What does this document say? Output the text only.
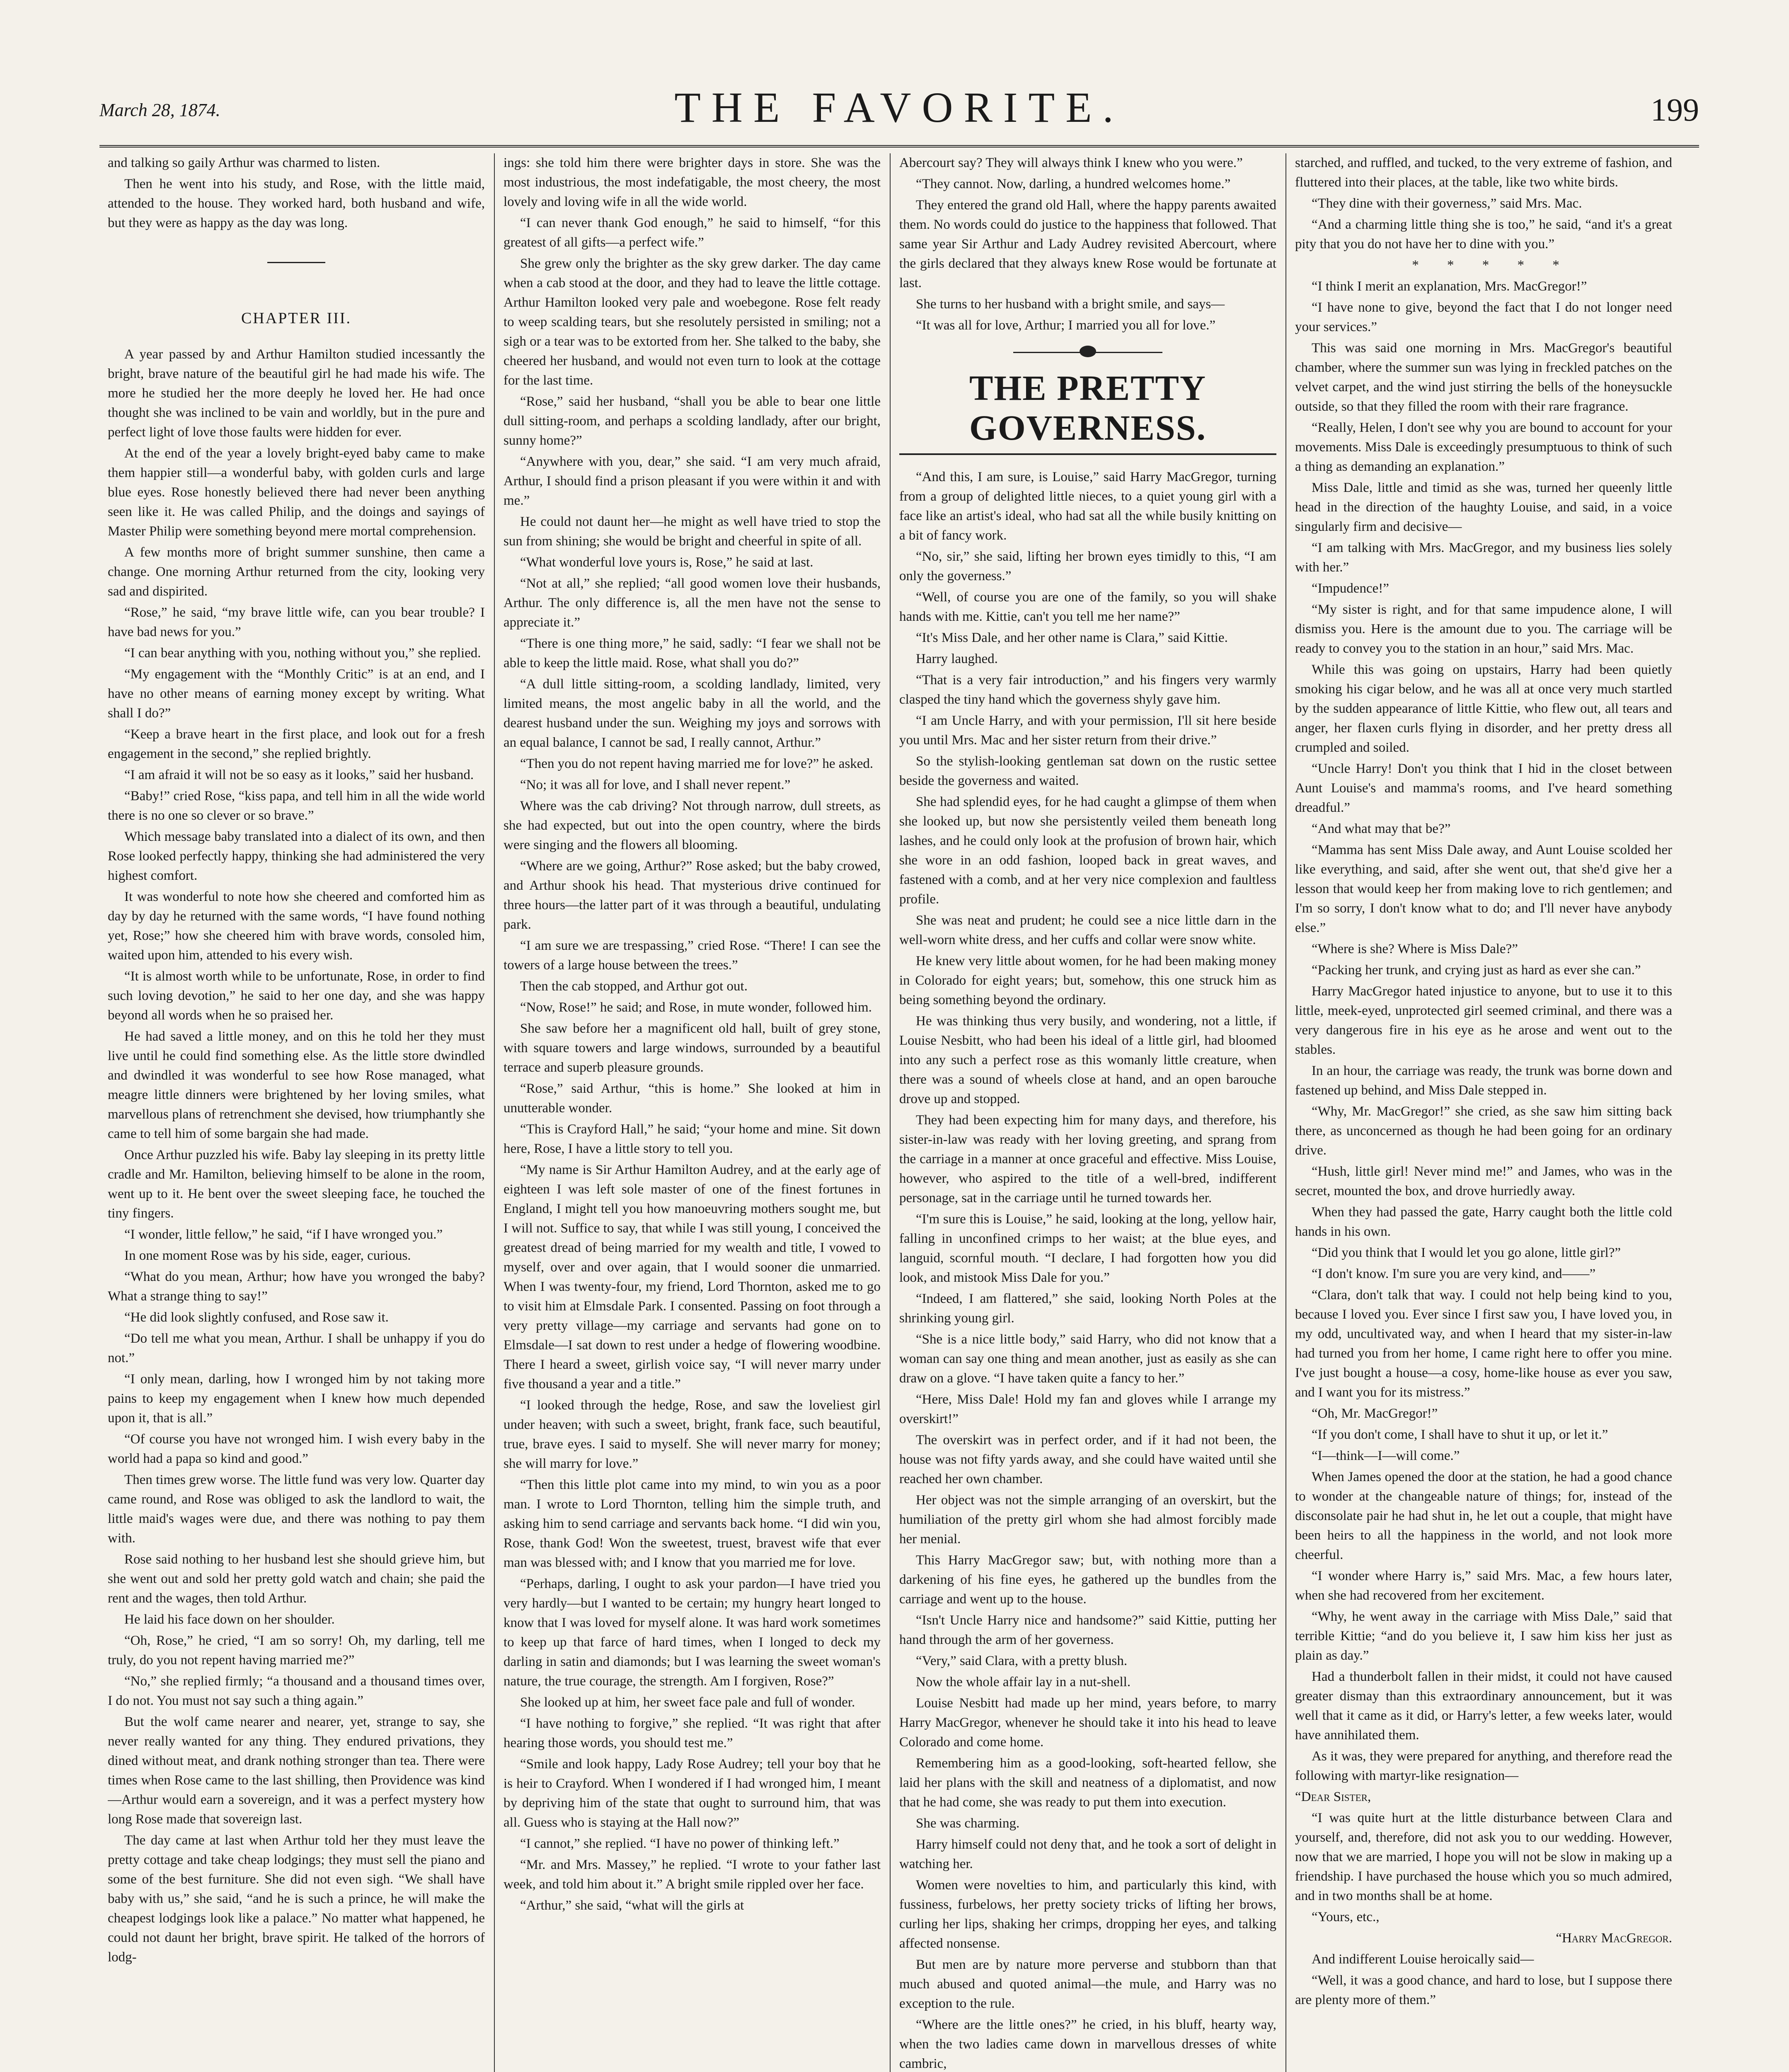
March 28, 1874.	THE FAVORITE.	199

and talking so gaily Arthur was charmed to listen.

Then he went into his study, and Rose, with the little maid, attended to the house. They worked hard, both husband and wife, but they were as happy as the day was long.

CHAPTER III.

A year passed by and Arthur Hamilton studied incessantly the bright, brave nature of the beautiful girl he had made his wife. The more he studied her the more deeply he loved her. He had once thought she was inclined to be vain and worldly, but in the pure and perfect light of love those faults were hidden for ever.

At the end of the year a lovely bright-eyed baby came to make them happier still—a wonderful baby, with golden curls and large blue eyes. Rose honestly believed there had never been anything seen like it. He was called Philip, and the doings and sayings of Master Philip were something beyond mere mortal comprehension.

A few months more of bright summer sunshine, then came a change. One morning Arthur returned from the city, looking very sad and dispirited.

“Rose,” he said, “my brave little wife, can you bear trouble? I have bad news for you.”

“I can bear anything with you, nothing without you,” she replied.

“My engagement with the “Monthly Critic” is at an end, and I have no other means of earning money except by writing. What shall I do?”

“Keep a brave heart in the first place, and look out for a fresh engagement in the second,” she replied brightly.

“I am afraid it will not be so easy as it looks,” said her husband.

“Baby!” cried Rose, “kiss papa, and tell him in all the wide world there is no one so clever or so brave.”

Which message baby translated into a dialect of its own, and then Rose looked perfectly happy, thinking she had administered the very highest comfort.

It was wonderful to note how she cheered and comforted him as day by day he returned with the same words, “I have found nothing yet, Rose;” how she cheered him with brave words, consoled him, waited upon him, attended to his every wish.

“It is almost worth while to be unfortunate, Rose, in order to find such loving devotion,” he said to her one day, and she was happy beyond all words when he so praised her.

He had saved a little money, and on this he told her they must live until he could find something else. As the little store dwindled and dwindled it was wonderful to see how Rose managed, what meagre little dinners were brightened by her loving smiles, what marvellous plans of retrenchment she devised, how triumphantly she came to tell him of some bargain she had made.

Once Arthur puzzled his wife. Baby lay sleeping in its pretty little cradle and Mr. Hamilton, believing himself to be alone in the room, went up to it. He bent over the sweet sleeping face, he touched the tiny fingers.

“I wonder, little fellow,” he said, “if I have wronged you.”

In one moment Rose was by his side, eager, curious.

“What do you mean, Arthur; how have you wronged the baby? What a strange thing to say!”

“He did look slightly confused, and Rose saw it.

“Do tell me what you mean, Arthur. I shall be unhappy if you do not.”

“I only mean, darling, how I wronged him by not taking more pains to keep my engagement when I knew how much depended upon it, that is all.”

“Of course you have not wronged him. I wish every baby in the world had a papa so kind and good.”

Then times grew worse. The little fund was very low. Quarter day came round, and Rose was obliged to ask the landlord to wait, the little maid's wages were due, and there was nothing to pay them with.

Rose said nothing to her husband lest she should grieve him, but she went out and sold her pretty gold watch and chain; she paid the rent and the wages, then told Arthur.

He laid his face down on her shoulder.

“Oh, Rose,” he cried, “I am so sorry! Oh, my darling, tell me truly, do you not repent having married me?”

“No,” she replied firmly; “a thousand and a thousand times over, I do not. You must not say such a thing again.”

But the wolf came nearer and nearer, yet, strange to say, she never really wanted for any thing. They endured privations, they dined without meat, and drank nothing stronger than tea. There were times when Rose came to the last shilling, then Providence was kind—Arthur would earn a sovereign, and it was a perfect mystery how long Rose made that sovereign last.

The day came at last when Arthur told her they must leave the pretty cottage and take cheap lodgings; they must sell the piano and some of the best furniture. She did not even sigh. “We shall have baby with us,” she said, “and he is such a prince, he will make the cheapest lodgings look like a palace.” No matter what happened, he could not daunt her bright, brave spirit. He talked of the horrors of lodg-

ings: she told him there were brighter days in store. She was the most industrious, the most indefatigable, the most cheery, the most lovely and loving wife in all the wide world.

“I can never thank God enough,” he said to himself, “for this greatest of all gifts—a perfect wife.”

She grew only the brighter as the sky grew darker. The day came when a cab stood at the door, and they had to leave the little cottage. Arthur Hamilton looked very pale and woebegone. Rose felt ready to weep scalding tears, but she resolutely persisted in smiling; not a sigh or a tear was to be extorted from her. She talked to the baby, she cheered her husband, and would not even turn to look at the cottage for the last time.

“Rose,” said her husband, “shall you be able to bear one little dull sitting-room, and perhaps a scolding landlady, after our bright, sunny home?”

“Anywhere with you, dear,” she said. “I am very much afraid, Arthur, I should find a prison pleasant if you were within it and with me.”

He could not daunt her—he might as well have tried to stop the sun from shining; she would be bright and cheerful in spite of all.

“What wonderful love yours is, Rose,” he said at last.

“Not at all,” she replied; “all good women love their husbands, Arthur. The only difference is, all the men have not the sense to appreciate it.”

“There is one thing more,” he said, sadly: “I fear we shall not be able to keep the little maid. Rose, what shall you do?”

“A dull little sitting-room, a scolding landlady, limited, very limited means, the most angelic baby in all the world, and the dearest husband under the sun. Weighing my joys and sorrows with an equal balance, I cannot be sad, I really cannot, Arthur.”

“Then you do not repent having married me for love?” he asked.

“No; it was all for love, and I shall never repent.”

Where was the cab driving? Not through narrow, dull streets, as she had expected, but out into the open country, where the birds were singing and the flowers all blooming.

“Where are we going, Arthur?” Rose asked; but the baby crowed, and Arthur shook his head. That mysterious drive continued for three hours—the latter part of it was through a beautiful, undulating park.

“I am sure we are trespassing,” cried Rose. “There! I can see the towers of a large house between the trees.”

Then the cab stopped, and Arthur got out.

“Now, Rose!” he said; and Rose, in mute wonder, followed him.

She saw before her a magnificent old hall, built of grey stone, with square towers and large windows, surrounded by a beautiful terrace and superb pleasure grounds.

“Rose,” said Arthur, “this is home.” She looked at him in unutterable wonder.

“This is Crayford Hall,” he said; “your home and mine. Sit down here, Rose, I have a little story to tell you.

“My name is Sir Arthur Hamilton Audrey, and at the early age of eighteen I was left sole master of one of the finest fortunes in England, I might tell you how manoeuvring mothers sought me, but I will not. Suffice to say, that while I was still young, I conceived the greatest dread of being married for my wealth and title, I vowed to myself, over and over again, that I would sooner die unmarried. When I was twenty-four, my friend, Lord Thornton, asked me to go to visit him at Elmsdale Park. I consented. Passing on foot through a very pretty village—my carriage and servants had gone on to Elmsdale—I sat down to rest under a hedge of flowering woodbine. There I heard a sweet, girlish voice say, “I will never marry under five thousand a year and a title.”

“I looked through the hedge, Rose, and saw the loveliest girl under heaven; with such a sweet, bright, frank face, such beautiful, true, brave eyes. I said to myself. She will never marry for money; she will marry for love.”

“Then this little plot came into my mind, to win you as a poor man. I wrote to Lord Thornton, telling him the simple truth, and asking him to send carriage and servants back home. “I did win you, Rose, thank God! Won the sweetest, truest, bravest wife that ever man was blessed with; and I know that you married me for love.

“Perhaps, darling, I ought to ask your pardon—I have tried you very hardly—but I wanted to be certain; my hungry heart longed to know that I was loved for myself alone. It was hard work sometimes to keep up that farce of hard times, when I longed to deck my darling in satin and diamonds; but I was learning the sweet woman's nature, the true courage, the strength. Am I forgiven, Rose?”

She looked up at him, her sweet face pale and full of wonder.

“I have nothing to forgive,” she replied. “It was right that after hearing those words, you should test me.”

“Smile and look happy, Lady Rose Audrey; tell your boy that he is heir to Crayford. When I wondered if I had wronged him, I meant by depriving him of the state that ought to surround him, that was all. Guess who is staying at the Hall now?”

“I cannot,” she replied. “I have no power of thinking left.”

“Mr. and Mrs. Massey,” he replied. “I wrote to your father last week, and told him about it.” A bright smile rippled over her face.

“Arthur,” she said, “what will the girls at

Abercourt say? They will always think I knew who you were.”

“They cannot. Now, darling, a hundred welcomes home.”

They entered the grand old Hall, where the happy parents awaited them. No words could do justice to the happiness that followed. That same year Sir Arthur and Lady Audrey revisited Abercourt, where the girls declared that they always knew Rose would be fortunate at last.

She turns to her husband with a bright smile, and says—

“It was all for love, Arthur; I married you all for love.”

THE PRETTY GOVERNESS.

“And this, I am sure, is Louise,” said Harry MacGregor, turning from a group of delighted little nieces, to a quiet young girl with a face like an artist's ideal, who had sat all the while busily knitting on a bit of fancy work.

“No, sir,” she said, lifting her brown eyes timidly to this, “I am only the governess.”

“Well, of course you are one of the family, so you will shake hands with me. Kittie, can't you tell me her name?”

“It's Miss Dale, and her other name is Clara,” said Kittie.

Harry laughed.

“That is a very fair introduction,” and his fingers very warmly clasped the tiny hand which the governess shyly gave him.

“I am Uncle Harry, and with your permission, I'll sit here beside you until Mrs. Mac and her sister return from their drive.”

So the stylish-looking gentleman sat down on the rustic settee beside the governess and waited.

She had splendid eyes, for he had caught a glimpse of them when she looked up, but now she persistently veiled them beneath long lashes, and he could only look at the profusion of brown hair, which she wore in an odd fashion, looped back in great waves, and fastened with a comb, and at her very nice complexion and faultless profile.

She was neat and prudent; he could see a nice little darn in the well-worn white dress, and her cuffs and collar were snow white.

He knew very little about women, for he had been making money in Colorado for eight years; but, somehow, this one struck him as being something beyond the ordinary.

He was thinking thus very busily, and wondering, not a little, if Louise Nesbitt, who had been his ideal of a little girl, had bloomed into any such a perfect rose as this womanly little creature, when there was a sound of wheels close at hand, and an open barouche drove up and stopped.

They had been expecting him for many days, and therefore, his sister-in-law was ready with her loving greeting, and sprang from the carriage in a manner at once graceful and effective. Miss Louise, however, who aspired to the title of a well-bred, indifferent personage, sat in the carriage until he turned towards her.

“I'm sure this is Louise,” he said, looking at the long, yellow hair, falling in unconfined crimps to her waist; at the blue eyes, and languid, scornful mouth. “I declare, I had forgotten how you did look, and mistook Miss Dale for you.”

“Indeed, I am flattered,” she said, looking North Poles at the shrinking young girl.

“She is a nice little body,” said Harry, who did not know that a woman can say one thing and mean another, just as easily as she can draw on a glove. “I have taken quite a fancy to her.”

“Here, Miss Dale! Hold my fan and gloves while I arrange my overskirt!”

The overskirt was in perfect order, and if it had not been, the house was not fifty yards away, and she could have waited until she reached her own chamber.

Her object was not the simple arranging of an overskirt, but the humiliation of the pretty girl whom she had almost forcibly made her menial.

This Harry MacGregor saw; but, with nothing more than a darkening of his fine eyes, he gathered up the bundles from the carriage and went up to the house.

“Isn't Uncle Harry nice and handsome?” said Kittie, putting her hand through the arm of her governess.

“Very,” said Clara, with a pretty blush.

Now the whole affair lay in a nut-shell.

Louise Nesbitt had made up her mind, years before, to marry Harry MacGregor, whenever he should take it into his head to leave Colorado and come home.

Remembering him as a good-looking, soft-hearted fellow, she laid her plans with the skill and neatness of a diplomatist, and now that he had come, she was ready to put them into execution.

She was charming.

Harry himself could not deny that, and he took a sort of delight in watching her.

Women were novelties to him, and particularly this kind, with fussiness, furbelows, her pretty society tricks of lifting her brows, curling her lips, shaking her crimps, dropping her eyes, and talking affected nonsense.

But men are by nature more perverse and stubborn than that much abused and quoted animal—the mule, and Harry was no exception to the rule.

“Where are the little ones?” he cried, in his bluff, hearty way, when the two ladies came down in marvellous dresses of white cambric,

starched, and ruffled, and tucked, to the very extreme of fashion, and fluttered into their places, at the table, like two white birds.

“They dine with their governess,” said Mrs. Mac.

“And a charming little thing she is too,” he said, “and it's a great pity that you do not have her to dine with you.”

* * * * *

“I think I merit an explanation, Mrs. MacGregor!”

“I have none to give, beyond the fact that I do not longer need your services.”

This was said one morning in Mrs. MacGregor's beautiful chamber, where the summer sun was lying in freckled patches on the velvet carpet, and the wind just stirring the bells of the honeysuckle outside, so that they filled the room with their rare fragrance.

“Really, Helen, I don't see why you are bound to account for your movements. Miss Dale is exceedingly presumptuous to think of such a thing as demanding an explanation.”

Miss Dale, little and timid as she was, turned her queenly little head in the direction of the haughty Louise, and said, in a voice singularly firm and decisive—

“I am talking with Mrs. MacGregor, and my business lies solely with her.”

“Impudence!”

“My sister is right, and for that same impudence alone, I will dismiss you. Here is the amount due to you. The carriage will be ready to convey you to the station in an hour,” said Mrs. Mac.

While this was going on upstairs, Harry had been quietly smoking his cigar below, and he was all at once very much startled by the sudden appearance of little Kittie, who flew out, all tears and anger, her flaxen curls flying in disorder, and her pretty dress all crumpled and soiled.

“Uncle Harry! Don't you think that I hid in the closet between Aunt Louise's and mamma's rooms, and I've heard something dreadful.”

“And what may that be?”

“Mamma has sent Miss Dale away, and Aunt Louise scolded her like everything, and said, after she went out, that she'd give her a lesson that would keep her from making love to rich gentlemen; and I'm so sorry, I don't know what to do; and I'll never have anybody else.”

“Where is she? Where is Miss Dale?”

“Packing her trunk, and crying just as hard as ever she can.”

Harry MacGregor hated injustice to anyone, but to use it to this little, meek-eyed, unprotected girl seemed criminal, and there was a very dangerous fire in his eye as he arose and went out to the stables.

In an hour, the carriage was ready, the trunk was borne down and fastened up behind, and Miss Dale stepped in.

“Why, Mr. MacGregor!” she cried, as she saw him sitting back there, as unconcerned as though he had been going for an ordinary drive.

“Hush, little girl! Never mind me!” and James, who was in the secret, mounted the box, and drove hurriedly away.

When they had passed the gate, Harry caught both the little cold hands in his own.

“Did you think that I would let you go alone, little girl?”

“I don't know. I'm sure you are very kind, and——”

“Clara, don't talk that way. I could not help being kind to you, because I loved you. Ever since I first saw you, I have loved you, in my odd, uncultivated way, and when I heard that my sister-in-law had turned you from her home, I came right here to offer you mine. I've just bought a house—a cosy, home-like house as ever you saw, and I want you for its mistress.”

“Oh, Mr. MacGregor!”

“If you don't come, I shall have to shut it up, or let it.”

“I—think—I—will come.”

When James opened the door at the station, he had a good chance to wonder at the changeable nature of things; for, instead of the disconsolate pair he had shut in, he let out a couple, that might have been heirs to all the happiness in the world, and not look more cheerful.

“I wonder where Harry is,” said Mrs. Mac, a few hours later, when she had recovered from her excitement.

“Why, he went away in the carriage with Miss Dale,” said that terrible Kittie; “and do you believe it, I saw him kiss her just as plain as day.”

Had a thunderbolt fallen in their midst, it could not have caused greater dismay than this extraordinary announcement, but it was well that it came as it did, or Harry's letter, a few weeks later, would have annihilated them.

As it was, they were prepared for anything, and therefore read the following with martyr-like resignation—

“Dear Sister,

“I was quite hurt at the little disturbance between Clara and yourself, and, therefore, did not ask you to our wedding. However, now that we are married, I hope you will not be slow in making up a friendship. I have purchased the house which you so much admired, and in two months shall be at home.

“Yours, etc.,

“Harry MacGregor.

And indifferent Louise heroically said—

“Well, it was a good chance, and hard to lose, but I suppose there are plenty more of them.”
